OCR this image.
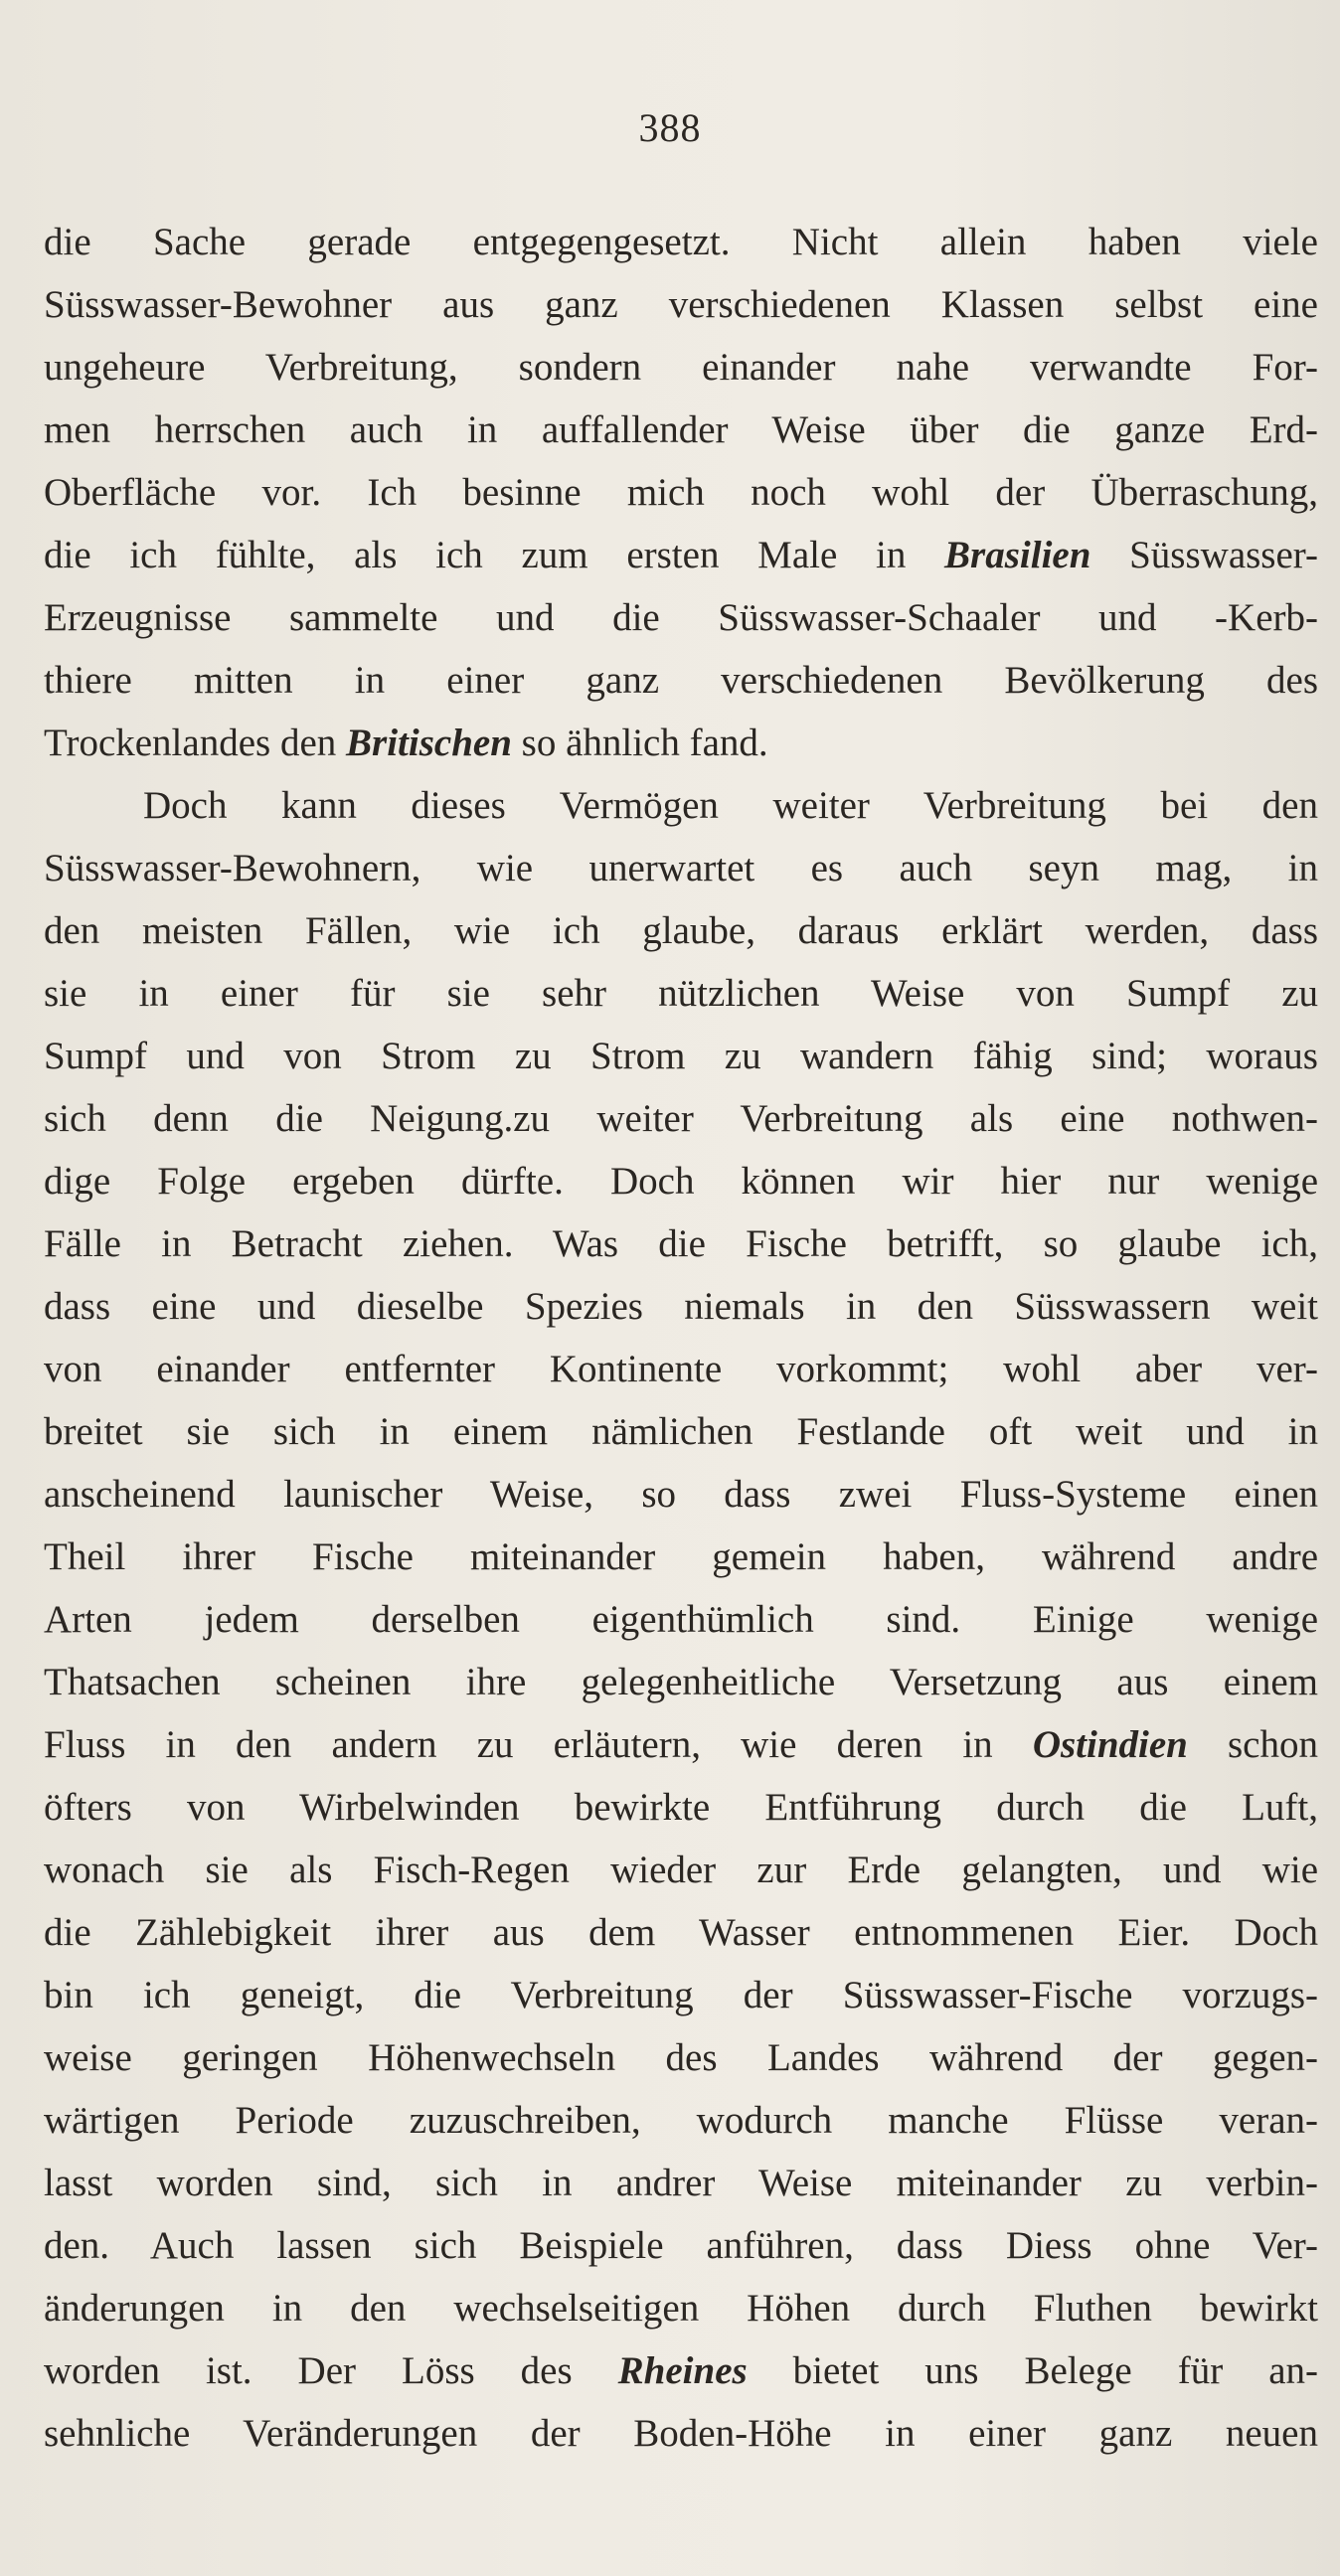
388
die Sache gerade entgegengesetzt. Nicht allein haben viele
Süsswasser-Bewohner aus ganz verschiedenen Klassen selbst eine
ungeheure Verbreitung, sondern einander nahe verwandte For-
men herrschen auch in auffallender Weise über die ganze Erd-
Oberfläche vor. Ich besinne mich noch wohl der Überraschung,
die ich fühlte, als ich zum ersten Male in Brasilien Süsswasser-
Erzeugnisse sammelte und die Süsswasser-Schaaler und -Kerb-
thiere mitten in einer ganz verschiedenen Bevölkerung des
Trockenlandes den Britischen so ähnlich fand.
Doch kann dieses Vermögen weiter Verbreitung bei den
Süsswasser-Bewohnern, wie unerwartet es auch seyn mag, in
den meisten Fällen, wie ich glaube, daraus erklärt werden, dass
sie in einer für sie sehr nützlichen Weise von Sumpf zu
Sumpf und von Strom zu Strom zu wandern fähig sind; woraus
sich denn die Neigung.zu weiter Verbreitung als eine nothwen-
dige Folge ergeben dürfte. Doch können wir hier nur wenige
Fälle in Betracht ziehen. Was die Fische betrifft, so glaube ich,
dass eine und dieselbe Spezies niemals in den Süsswassern weit
von einander entfernter Kontinente vorkommt; wohl aber ver-
breitet sie sich in einem nämlichen Festlande oft weit und in
anscheinend launischer Weise, so dass zwei Fluss-Systeme einen
Theil ihrer Fische miteinander gemein haben, während andre
Arten jedem derselben eigenthümlich sind. Einige wenige
Thatsachen scheinen ihre gelegenheitliche Versetzung aus einem
Fluss in den andern zu erläutern, wie deren in Ostindien schon
öfters von Wirbelwinden bewirkte Entführung durch die Luft,
wonach sie als Fisch-Regen wieder zur Erde gelangten, und wie
die Zählebigkeit ihrer aus dem Wasser entnommenen Eier. Doch
bin ich geneigt, die Verbreitung der Süsswasser-Fische vorzugs-
weise geringen Höhenwechseln des Landes während der gegen-
wärtigen Periode zuzuschreiben, wodurch manche Flüsse veran-
lasst worden sind, sich in andrer Weise miteinander zu verbin-
den. Auch lassen sich Beispiele anführen, dass Diess ohne Ver-
änderungen in den wechselseitigen Höhen durch Fluthen bewirkt
worden ist. Der Löss des Rheines bietet uns Belege für an-
sehnliche Veränderungen der Boden-Höhe in einer ganz neuen
